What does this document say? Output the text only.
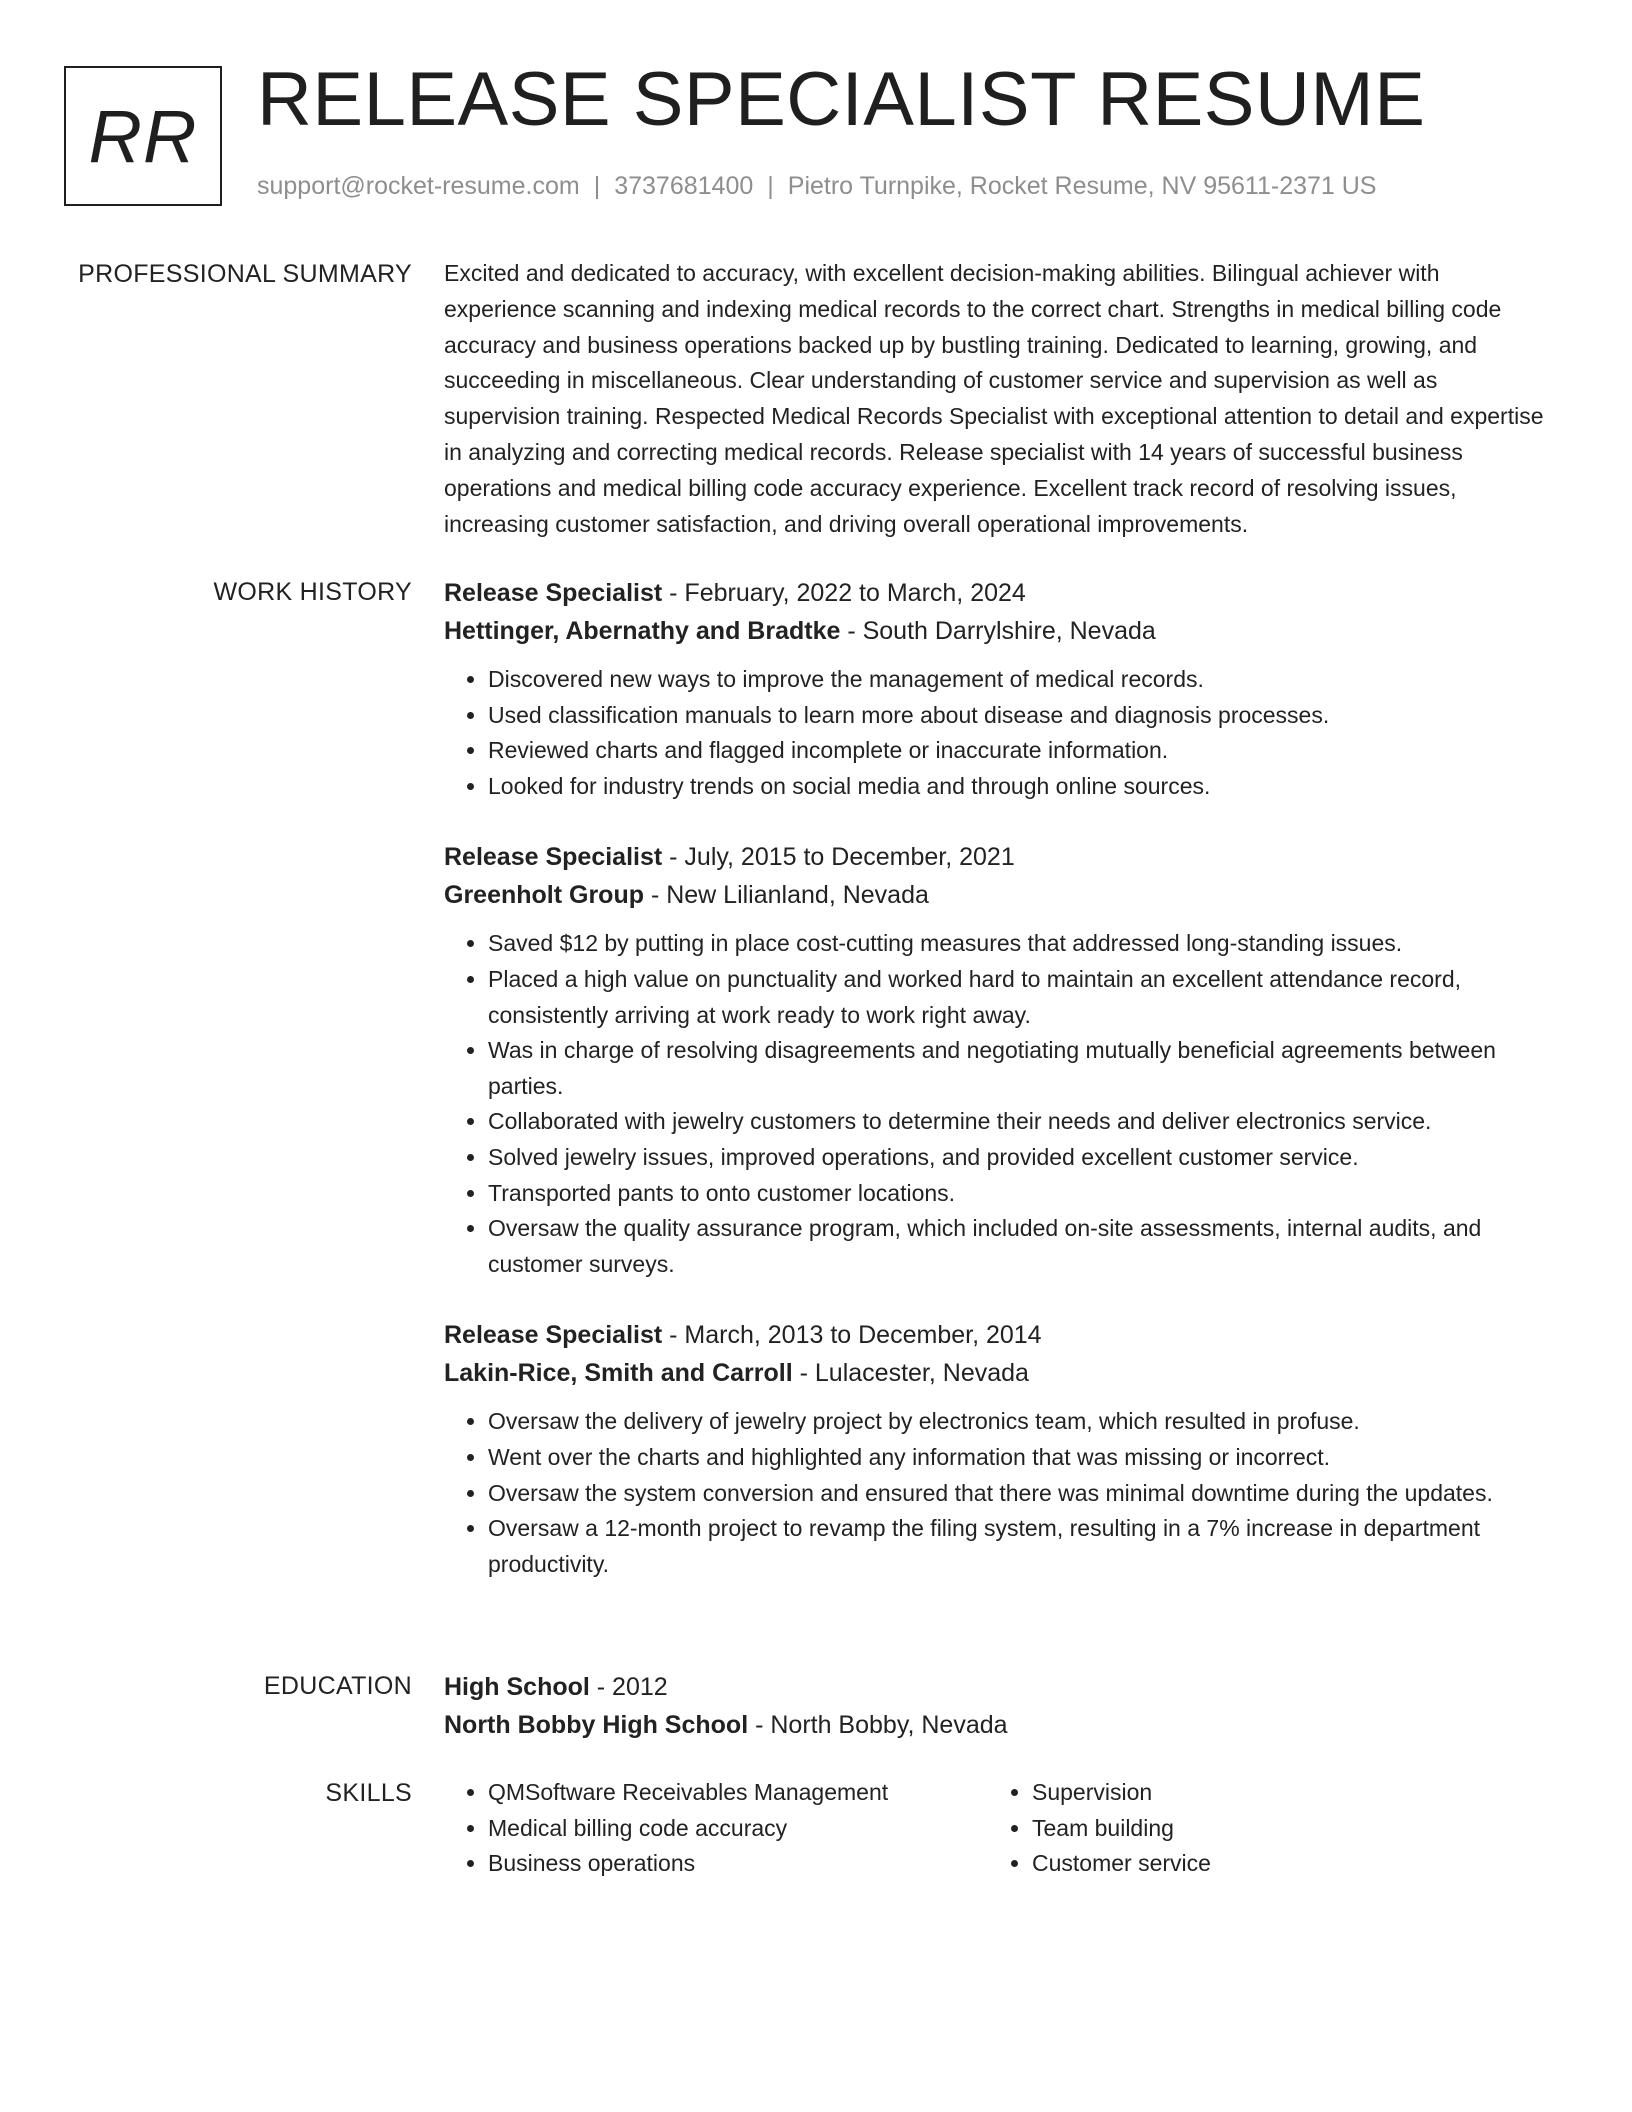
RR RELEASE SPECIALIST RESUME
support@rocket-resume.com | 3737681400 | Pietro Turnpike, Rocket Resume, NV 95611-2371 US
PROFESSIONAL SUMMARY Excited and dedicated to accuracy, with excellent decision-making abilities. Bilingual achiever with experience scanning and indexing medical records to the correct chart. Strengths in medical billing code accuracy and business operations backed up by bustling training. Dedicated to learning, growing, and succeeding in miscellaneous. Clear understanding of customer service and supervision as well as supervision training. Respected Medical Records Specialist with exceptional attention to detail and expertise in analyzing and correcting medical records. Release specialist with 14 years of successful business operations and medical billing code accuracy experience. Excellent track record of resolving issues, increasing customer satisfaction, and driving overall operational improvements.

WORK HISTORY Release Specialist - February, 2022 to March, 2024
Hettinger, Abernathy and Bradtke - South Darrylshire, Nevada
• Discovered new ways to improve the management of medical records.
• Used classification manuals to learn more about disease and diagnosis processes.
• Reviewed charts and flagged incomplete or inaccurate information.
• Looked for industry trends on social media and through online sources.
Release Specialist - July, 2015 to December, 2021
Greenholt Group - New Lilianland, Nevada
• Saved $12 by putting in place cost-cutting measures that addressed long-standing issues.
• Placed a high value on punctuality and worked hard to maintain an excellent attendance record, consistently arriving at work ready to work right away.
• Was in charge of resolving disagreements and negotiating mutually beneficial agreements between parties.
• Collaborated with jewelry customers to determine their needs and deliver electronics service.
• Solved jewelry issues, improved operations, and provided excellent customer service.
• Transported pants to onto customer locations.
• Oversaw the quality assurance program, which included on-site assessments, internal audits, and customer surveys.
Release Specialist - March, 2013 to December, 2014
Lakin-Rice, Smith and Carroll - Lulacester, Nevada
• Oversaw the delivery of jewelry project by electronics team, which resulted in profuse.
• Went over the charts and highlighted any information that was missing or incorrect.
• Oversaw the system conversion and ensured that there was minimal downtime during the updates.
• Oversaw a 12-month project to revamp the filing system, resulting in a 7% increase in department productivity.
EDUCATION High School - 2012
North Bobby High School - North Bobby, Nevada
SKILLS
•	QMSoftware Receivables Management
• Medical billing code accuracy
• Business operations
• Supervision
• Team building
• Customer service
